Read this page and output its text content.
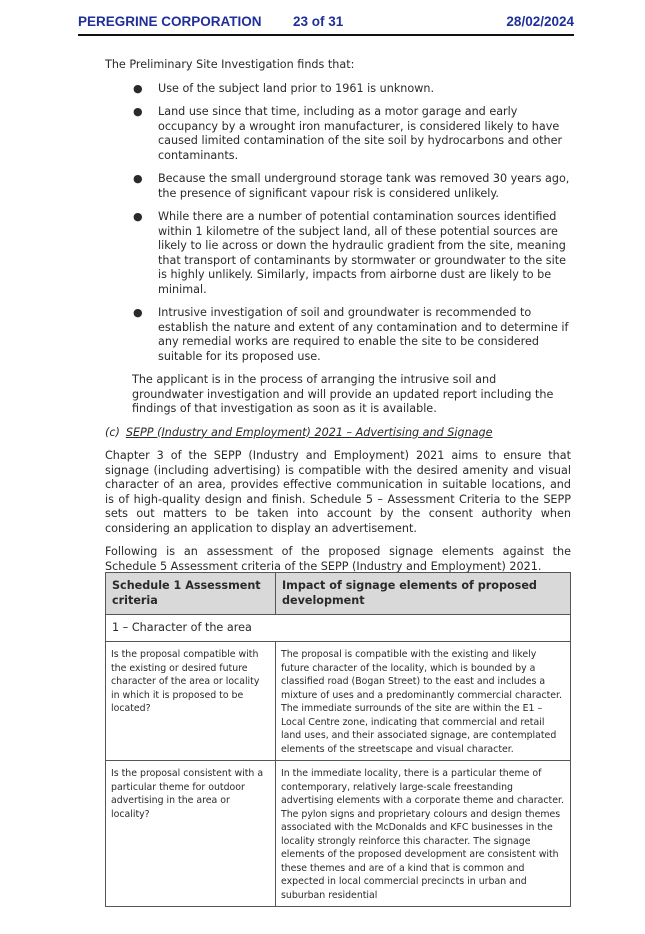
PEREGRINE CORPORATION 23 of 31	28/02/2024

The Preliminary Site Investigation finds that:

● Use of the subject land prior to 1961 is unknown.
● Land use since that time, including as a motor garage and early occupancy by a wrought iron manufacturer, is considered likely to have caused limited contamination of the site soil by hydrocarbons and other contaminants.
● Because the small underground storage tank was removed 30 years ago, the presence of significant vapour risk is considered unlikely.
● While there are a number of potential contamination sources identified within 1 kilometre of the subject land, all of these potential sources are likely to lie across or down the hydraulic gradient from the site, meaning that transport of contaminants by stormwater or groundwater to the site is highly unlikely. Similarly, impacts from airborne dust are likely to be minimal.
● Intrusive investigation of soil and groundwater is recommended to establish the nature and extent of any contamination and to determine if any remedial works are required to enable the site to be considered suitable for its proposed use.

The applicant is in the process of arranging the intrusive soil and groundwater investigation and will provide an updated report including the findings of that investigation as soon as it is available.

(c) SEPP (Industry and Employment) 2021 – Advertising and Signage

Chapter 3 of the SEPP (Industry and Employment) 2021 aims to ensure that signage (including advertising) is compatible with the desired amenity and visual character of an area, provides effective communication in suitable locations, and is of high-quality design and finish. Schedule 5 – Assessment Criteria to the SEPP sets out matters to be taken into account by the consent authority when considering an application to display an advertisement.

Following is an assessment of the proposed signage elements against the Schedule 5 Assessment criteria of the SEPP (Industry and Employment) 2021.

Schedule 1 Assessment criteria	Impact of signage elements of proposed development
1 – Character of the area	
Is the proposal compatible with the existing or desired future character of the area or locality in which it is proposed to be located?	The proposal is compatible with the existing and likely future character of the locality, which is bounded by a classified road (Bogan Street) to the east and includes a mixture of uses and a predominantly commercial character. The immediate surrounds of the site are within the E1 – Local Centre zone, indicating that commercial and retail land uses, and their associated signage, are contemplated elements of the streetscape and visual character.
Is the proposal consistent with a particular theme for outdoor advertising in the area or locality?	In the immediate locality, there is a particular theme of contemporary, relatively large-scale freestanding advertising elements with a corporate theme and character. The pylon signs and proprietary colours and design themes associated with the McDonalds and KFC businesses in the locality strongly reinforce this character. The signage elements of the proposed development are consistent with these themes and are of a kind that is common and expected in local commercial precincts in urban and suburban residential
